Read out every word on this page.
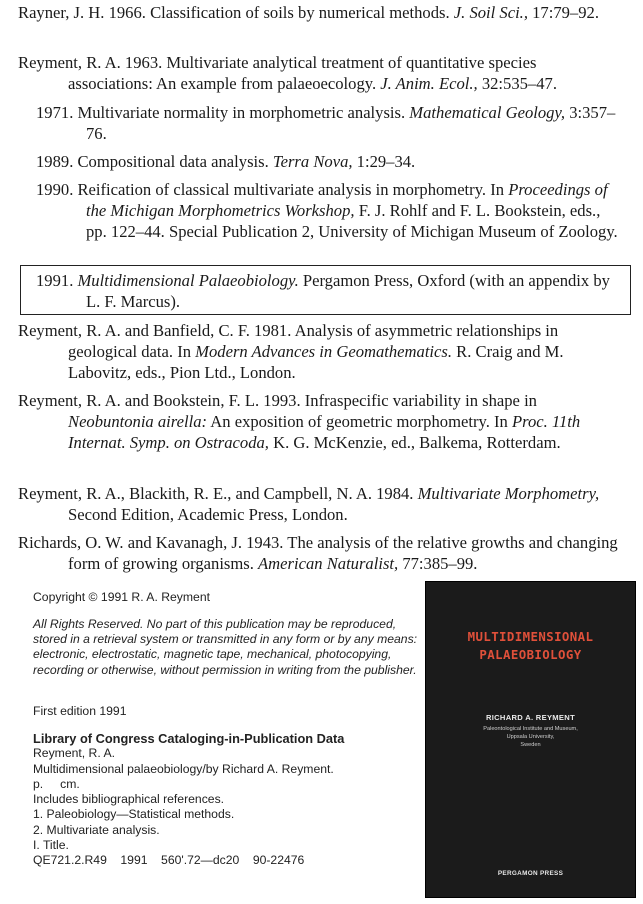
Rayner, J. H. 1966. Classification of soils by numerical methods. J. Soil Sci., 17:79–92.
Reyment, R. A. 1963. Multivariate analytical treatment of quantitative species associations: An example from palaeoecology. J. Anim. Ecol., 32:535–47.
1971. Multivariate normality in morphometric analysis. Mathematical Geology, 3:357–76.
1989. Compositional data analysis. Terra Nova, 1:29–34.
1990. Reification of classical multivariate analysis in morphometry. In Proceedings of the Michigan Morphometrics Workshop, F. J. Rohlf and F. L. Bookstein, eds., pp. 122–44. Special Publication 2, University of Michigan Museum of Zoology.
1991. Multidimensional Palaeobiology. Pergamon Press, Oxford (with an appendix by L. F. Marcus).
Reyment, R. A. and Banfield, C. F. 1981. Analysis of asymmetric relationships in geological data. In Modern Advances in Geomathematics. R. Craig and M. Labovitz, eds., Pion Ltd., London.
Reyment, R. A. and Bookstein, F. L. 1993. Infraspecific variability in shape in Neobuntonia airella: An exposition of geometric morphometry. In Proc. 11th Internat. Symp. on Ostracoda, K. G. McKenzie, ed., Balkema, Rotterdam.
Reyment, R. A., Blackith, R. E., and Campbell, N. A. 1984. Multivariate Morphometry, Second Edition, Academic Press, London.
Richards, O. W. and Kavanagh, J. 1943. The analysis of the relative growths and changing form of growing organisms. American Naturalist, 77:385–99.
Copyright © 1991 R. A. Reyment
All Rights Reserved. No part of this publication may be reproduced, stored in a retrieval system or transmitted in any form or by any means: electronic, electrostatic, magnetic tape, mechanical, photocopying, recording or otherwise, without permission in writing from the publisher.
First edition 1991
Library of Congress Cataloging-in-Publication Data
Reyment, R. A.
Multidimensional palaeobiology/by Richard A. Reyment.
p.     cm.
Includes bibliographical references.
1. Paleobiology—Statistical methods.
2. Multivariate analysis.
I. Title.
QE721.2.R49    1991    560'.72—dc20    90-22476
MULTIDIMENSIONAL
PALAEOBIOLOGY
RICHARD A. REYMENT
Paleontological Institute and Museum,
Uppsala University,
Sweden
PERGAMON PRESS
